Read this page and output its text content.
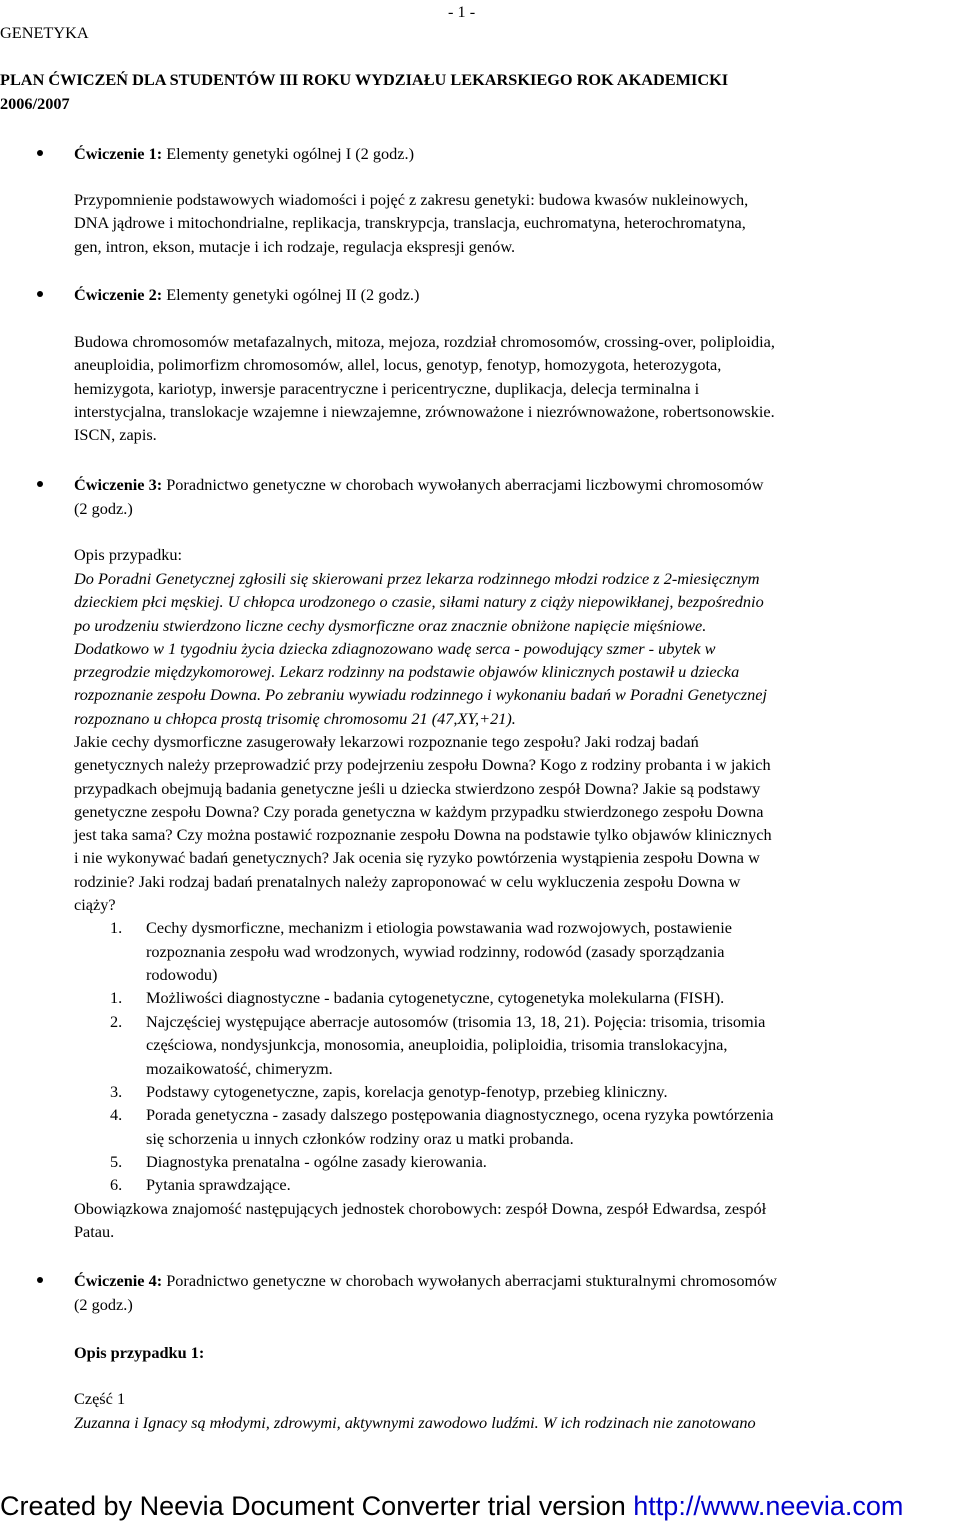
GENETYKA
- 1 -
PLAN ĆWICZEŃ DLA STUDENTÓW III ROKU WYDZIAŁU LEKARSKIEGO ROK AKADEMICKI
2006/2007
Ćwiczenie 1: Elementy genetyki ogólnej I (2 godz.)
Przypomnienie podstawowych wiadomości i pojęć z zakresu genetyki: budowa kwasów nukleinowych,
DNA jądrowe i mitochondrialne, replikacja, transkrypcja, translacja, euchromatyna, heterochromatyna,
gen, intron, ekson, mutacje i ich rodzaje, regulacja ekspresji genów.
Ćwiczenie 2: Elementy genetyki ogólnej II (2 godz.)
Budowa chromosomów metafazalnych, mitoza, mejoza, rozdział chromosomów, crossing-over, poliploidia,
aneuploidia, polimorfizm chromosomów, allel, locus, genotyp, fenotyp, homozygota, heterozygota,
hemizygota, kariotyp, inwersje paracentryczne i pericentryczne, duplikacja, delecja terminalna i
interstycjalna, translokacje wzajemne i niewzajemne, zrównoważone i niezrównoważone, robertsonowskie.
ISCN, zapis.
Ćwiczenie 3: Poradnictwo genetyczne w chorobach wywołanych aberracjami liczbowymi chromosomów
(2 godz.)
Opis przypadku:
Do Poradni Genetycznej zgłosili się skierowani przez lekarza rodzinnego młodzi rodzice z 2-miesięcznym
dzieckiem płci męskiej. U chłopca urodzonego o czasie, siłami natury z ciąży niepowikłanej, bezpośrednio
po urodzeniu stwierdzono liczne cechy dysmorficzne oraz znacznie obniżone napięcie mięśniowe.
Dodatkowo w 1 tygodniu życia dziecka zdiagnozowano wadę serca - powodujący szmer - ubytek w
przegrodzie międzykomorowej. Lekarz rodzinny na podstawie objawów klinicznych postawił u dziecka
rozpoznanie zespołu Downa. Po zebraniu wywiadu rodzinnego i wykonaniu badań w Poradni Genetycznej
rozpoznano u chłopca prostą trisomię chromosomu 21 (47,XY,+21).
Jakie cechy dysmorficzne zasugerowały lekarzowi rozpoznanie tego zespołu? Jaki rodzaj badań
genetycznych należy przeprowadzić przy podejrzeniu zespołu Downa? Kogo z rodziny probanta i w jakich
przypadkach obejmują badania genetyczne jeśli u dziecka stwierdzono zespół Downa? Jakie są podstawy
genetyczne zespołu Downa? Czy porada genetyczna w każdym przypadku stwierdzonego zespołu Downa
jest taka sama? Czy można postawić rozpoznanie zespołu Downa na podstawie tylko objawów klinicznych
i nie wykonywać badań genetycznych? Jak ocenia się ryzyko powtórzenia wystąpienia zespołu Downa w
rodzinie? Jaki rodzaj badań prenatalnych należy zaproponować w celu wykluczenia zespołu Downa w
ciąży?
1. Cechy dysmorficzne, mechanizm i etiologia powstawania wad rozwojowych, postawienie
rozpoznania zespołu wad wrodzonych, wywiad rodzinny, rodowód (zasady sporządzania
rodowodu)
1. Możliwości diagnostyczne - badania cytogenetyczne, cytogenetyka molekularna (FISH).
2. Najczęściej występujące aberracje autosomów (trisomia 13, 18, 21). Pojęcia: trisomia, trisomia
częściowa, nondysjunkcja, monosomia, aneuploidia, poliploidia, trisomia translokacyjna,
mozaikowatość, chimeryzm.
3. Podstawy cytogenetyczne, zapis, korelacja genotyp-fenotyp, przebieg kliniczny.
4. Porada genetyczna - zasady dalszego postępowania diagnostycznego, ocena ryzyka powtórzenia
się schorzenia u innych członków rodziny oraz u matki probanda.
5. Diagnostyka prenatalna - ogólne zasady kierowania.
6. Pytania sprawdzające.
Obowiązkowa znajomość następujących jednostek chorobowych: zespół Downa, zespół Edwardsa, zespół
Patau.
Ćwiczenie 4: Poradnictwo genetyczne w chorobach wywołanych aberracjami stukturalnymi chromosomów
(2 godz.)
Opis przypadku 1:
Część 1
Zuzanna i Ignacy są młodymi, zdrowymi, aktywnymi zawodowo ludźmi. W ich rodzinach nie zanotowano
Created by Neevia Document Converter trial version http://www.neevia.com
